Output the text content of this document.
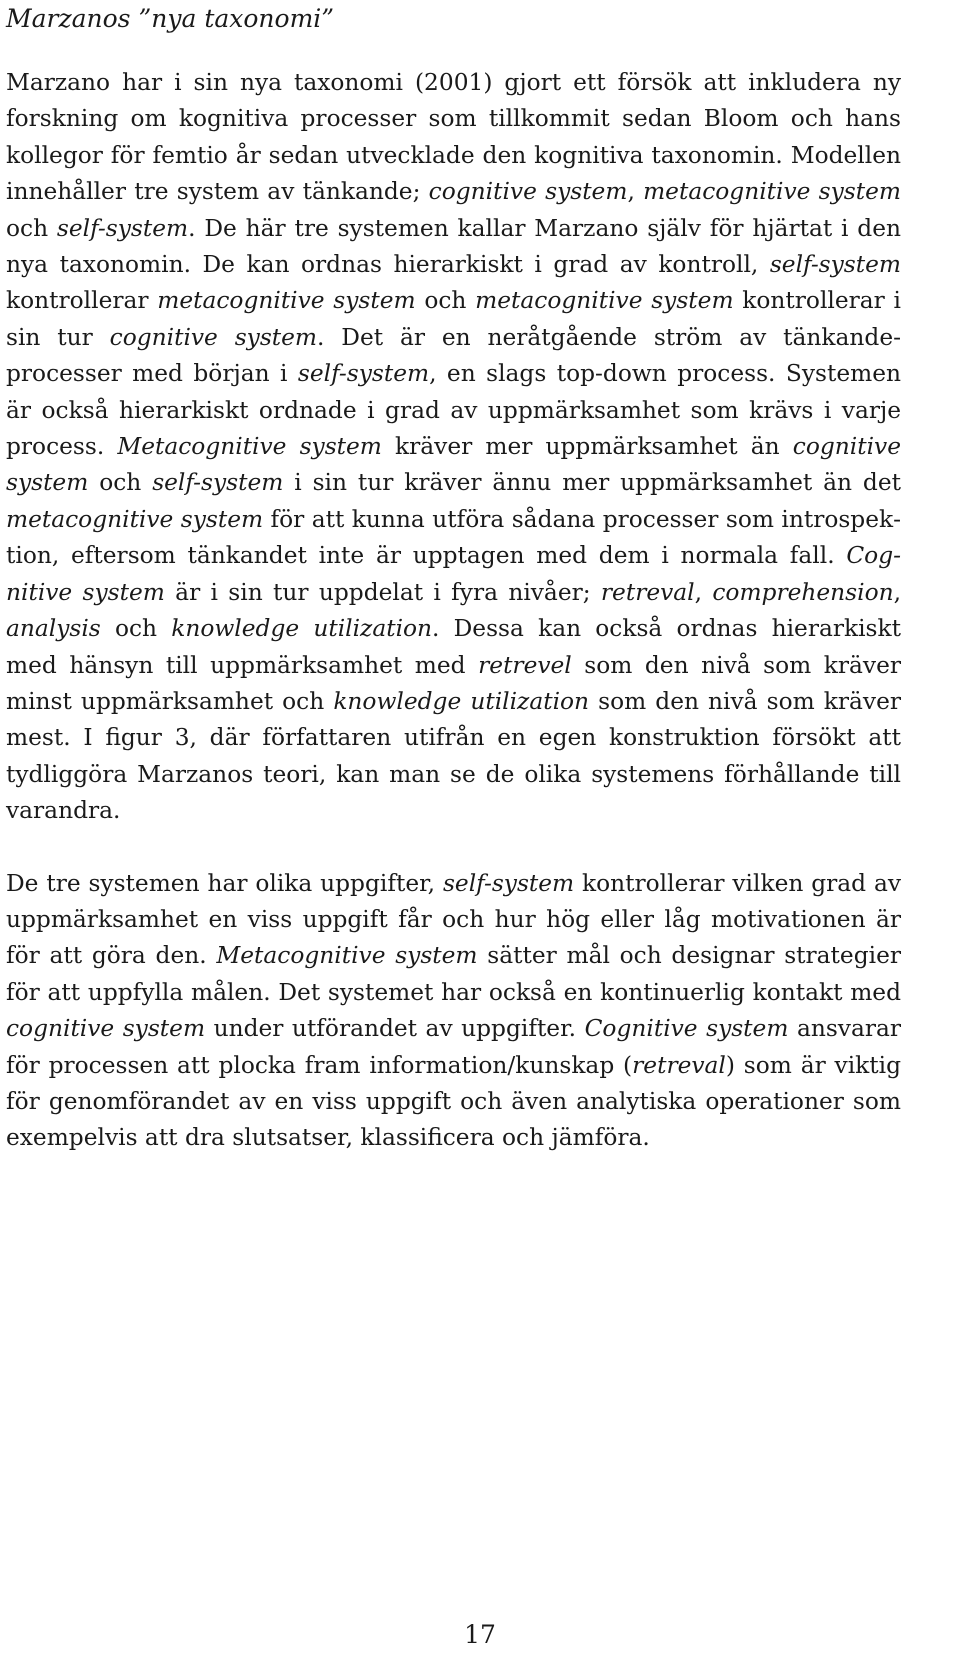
Marzanos ”nya taxonomi”

Marzano har i sin nya taxonomi (2001) gjort ett försök att inkludera ny forskning om kognitiva processer som tillkommit sedan Bloom och hans kollegor för femtio år sedan utvecklade den kognitiva taxonomin. Modellen innehåller tre system av tänkande; cognitive system, metacognitive system och self-system. De här tre systemen kallar Marzano själv för hjärtat i den nya taxonomin. De kan ordnas hierarkiskt i grad av kontroll, self-​system kontrollerar metacognitive system och metacognitive system kontrollerar i sin tur cognitive system. Det är en neråtgående ström av tänkandeprocesser med början i self-system, en slags top-down process. Systemen är också hierarkiskt ordnade i grad av uppmärksamhet som krävs i varje process. Metacognitive system kräver mer uppmärksamhet än cognitive system och self-system i sin tur kräver ännu mer uppmärksamhet än det metacognitive system för att kunna utföra sådana processer som introspektion, eftersom tänkandet inte är upptagen med dem i normala fall. Cognitive system är i sin tur uppdelat i fyra nivåer; retreval, comprehension, analysis och knowledge utilization. Dessa kan också ordnas hierarkiskt med hänsyn till uppmärksamhet med retrevel som den nivå som kräver minst uppmärksamhet och knowledge utilization som den nivå som kräver mest. I figur 3, där författaren utifrån en egen konstruktion försökt att tydliggöra Marzanos teori, kan man se de olika systemens förhållande till varandra.

De tre systemen har olika uppgifter, self-system kontrollerar vilken grad av uppmärksamhet en viss uppgift får och hur hög eller låg motivationen är för att göra den. Metacognitive system sätter mål och designar strategier för att uppfylla målen. Det systemet har också en kontinuerlig kontakt med cognitive system under utförandet av uppgifter. Cognitive system ansvarar för processen att plocka fram information/kunskap (retreval) som är viktig för genomförandet av en viss uppgift och även analytiska operationer som exempelvis att dra slutsatser, klassificera och jämföra.

17
